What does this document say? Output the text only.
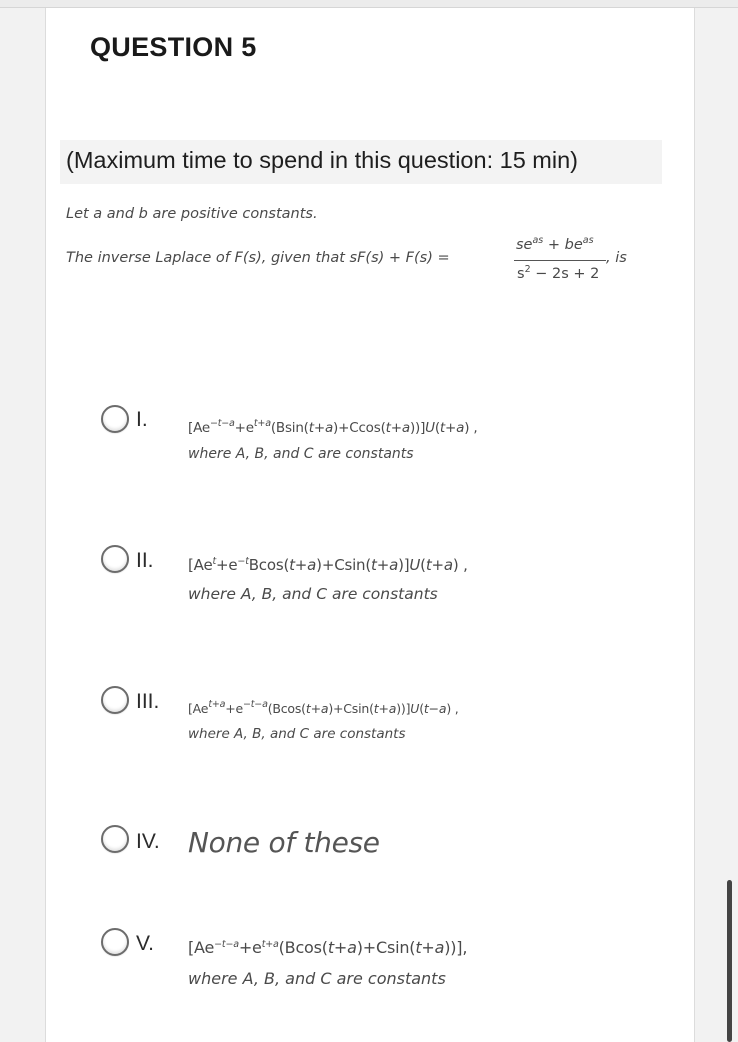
QUESTION 5
(Maximum time to spend in this question: 15 min)
Let a and b are positive constants.
The inverse Laplace of F(s), given that sF(s) + F(s) =
$se^{as} + be^{as}$
$s^2 - 2s + 2$
, is
I.	$[Ae^{-t-a}+e^{t+a}(Bsin(t+a)+Ccos(t+a))]U(t+a)$ ,
where A, B, and C are constants
II. $[Ae^t+e^{-t}Bcos(t+a)+Csin(t+a)]U(t+a)$ ,
where A, B, and C are constants
III. $[Ae^{t+a}+e^{-t-a}(Bcos(t+a)+Csin(t+a))]U(t-a)$ ,
where A, B, and C are constants
IV. None of these
V. $[Ae^{-t-a}+e^{t+a}(Bcos(t+a)+Csin(t+a))]$,
where A, B, and C are constants
